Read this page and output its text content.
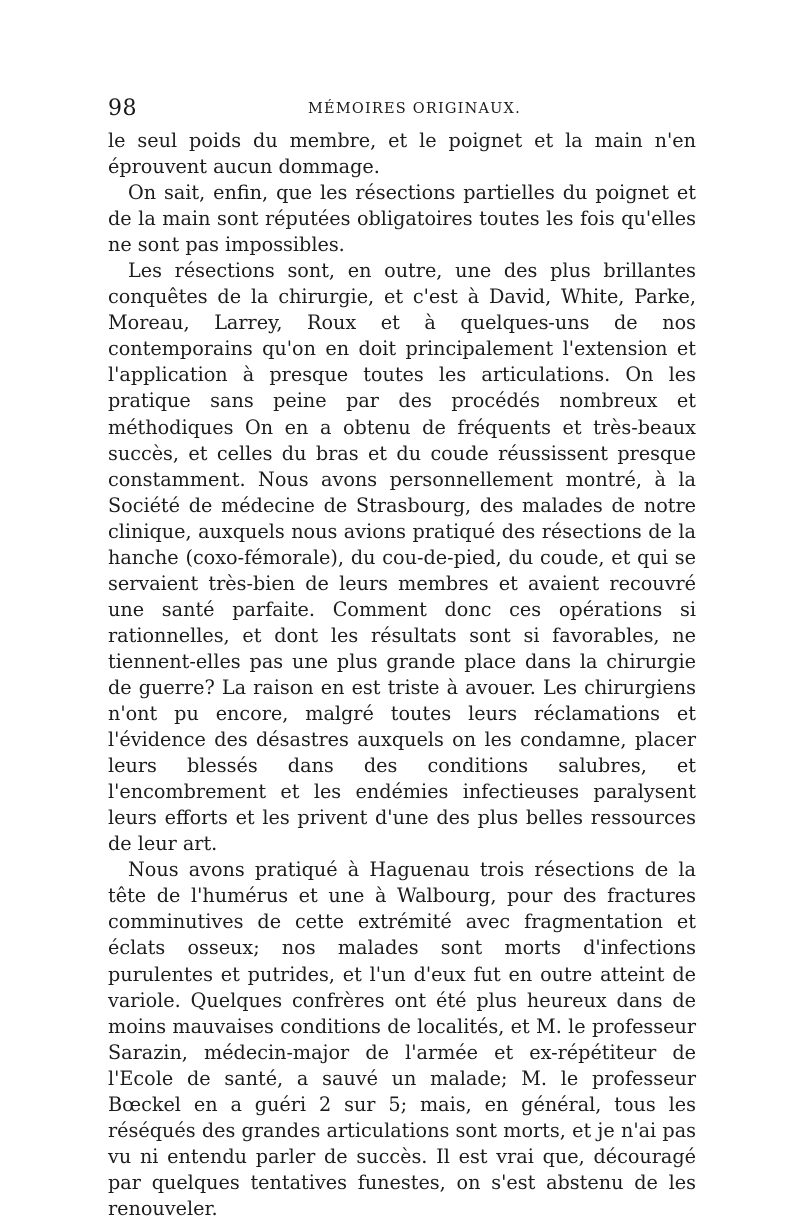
98	MÉMOIRES ORIGINAUX.

le seul poids du membre, et le poignet et la main n'en éprouvent aucun dommage.

On sait, enfin, que les résections partielles du poignet et de la main sont réputées obligatoires toutes les fois qu'elles ne sont pas impossibles.

Les résections sont, en outre, une des plus brillantes conquêtes de la chirurgie, et c'est à David, White, Parke, Moreau, Larrey, Roux et à quelques-uns de nos contemporains qu'on en doit principalement l'extension et l'application à presque toutes les articulations. On les pratique sans peine par des procédés nombreux et méthodiques On en a obtenu de fréquents et très-beaux succès, et celles du bras et du coude réussissent presque constamment. Nous avons personnellement montré, à la Société de médecine de Strasbourg, des malades de notre clinique, auxquels nous avions pratiqué des résections de la hanche (coxo-fémorale), du cou-de-pied, du coude, et qui se servaient très-bien de leurs membres et avaient recouvré une santé parfaite. Comment donc ces opérations si rationnelles, et dont les résultats sont si favorables, ne tiennent-elles pas une plus grande place dans la chirurgie de guerre? La raison en est triste à avouer. Les chirurgiens n'ont pu encore, malgré toutes leurs réclamations et l'évidence des désastres auxquels on les condamne, placer leurs blessés dans des conditions salubres, et l'encombrement et les endémies infectieuses paralysent leurs efforts et les privent d'une des plus belles ressources de leur art.

Nous avons pratiqué à Haguenau trois résections de la tête de l'humérus et une à Walbourg, pour des fractures comminutives de cette extrémité avec fragmentation et éclats osseux; nos malades sont morts d'infections purulentes et putrides, et l'un d'eux fut en outre atteint de variole. Quelques confrères ont été plus heureux dans de moins mauvaises conditions de localités, et M. le professeur Sarazin, médecin-major de l'armée et ex-répétiteur de l'Ecole de santé, a sauvé un malade; M. le professeur Bœckel en a guéri 2 sur 5; mais, en général, tous les réséqués des grandes articulations sont morts, et je n'ai pas vu ni entendu parler de succès. Il est vrai que, découragé par quelques tentatives funestes, on s'est abstenu de les renouveler.
